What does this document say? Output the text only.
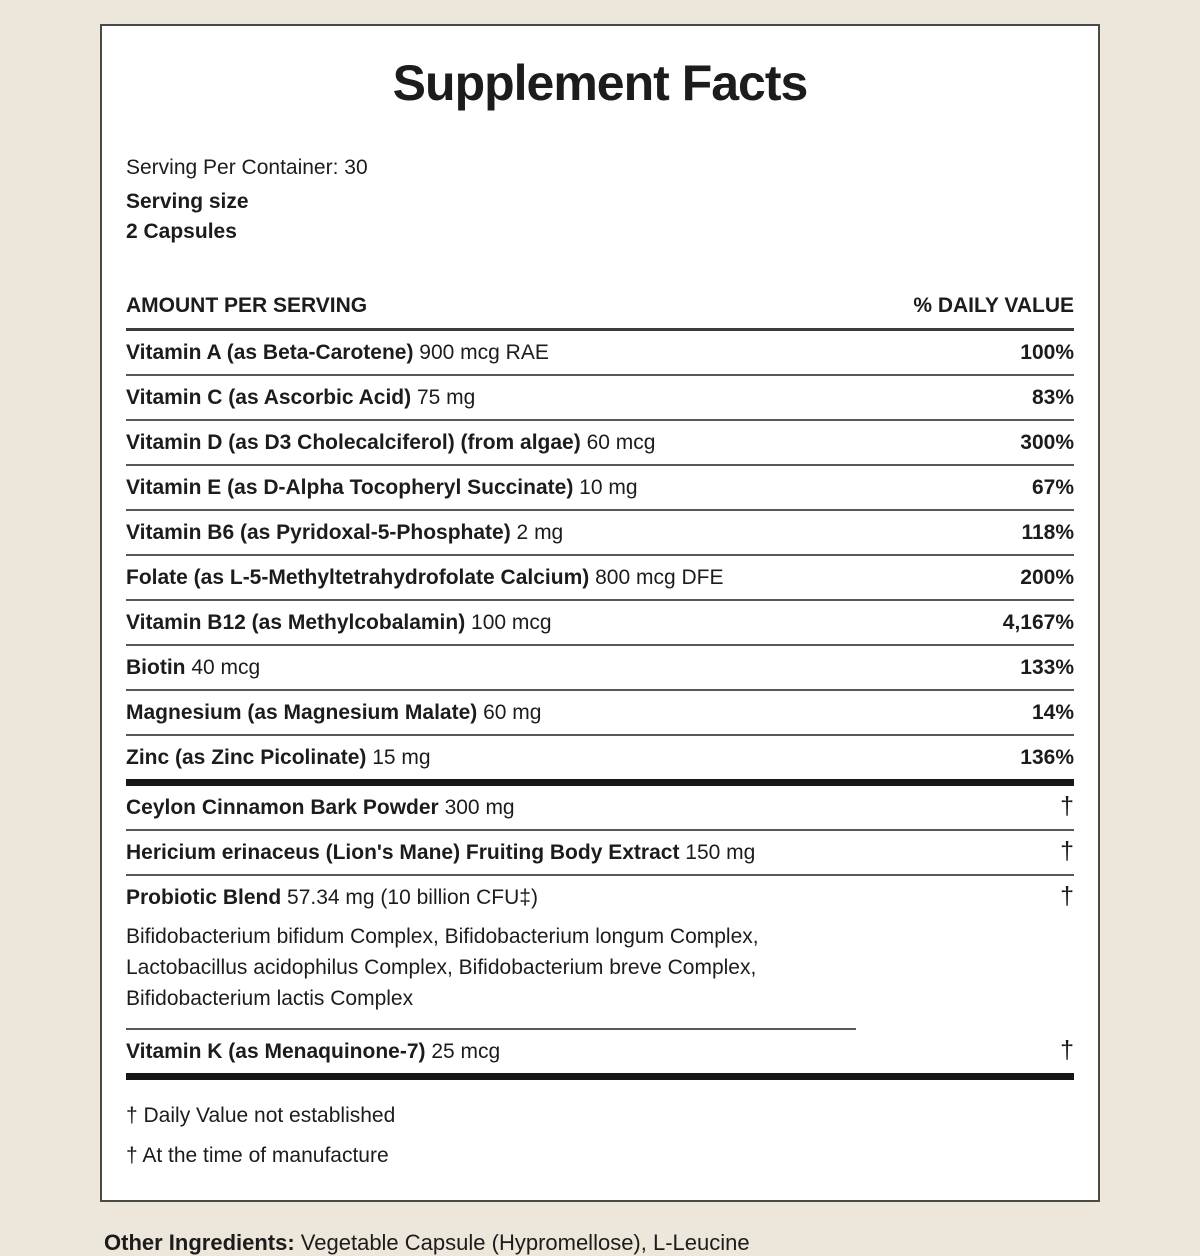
Supplement Facts
Serving Per Container: 30
Serving size
2 Capsules
AMOUNT PER SERVING	% DAILY VALUE
Vitamin A (as Beta-Carotene) 900 mcg RAE	100%
Vitamin C (as Ascorbic Acid) 75 mg	83%
Vitamin D (as D3 Cholecalciferol) (from algae) 60 mcg	300%
Vitamin E (as D-Alpha Tocopheryl Succinate) 10 mg	67%
Vitamin B6 (as Pyridoxal-5-Phosphate) 2 mg	118%
Folate (as L-5-Methyltetrahydrofolate Calcium) 800 mcg DFE	200%
Vitamin B12 (as Methylcobalamin) 100 mcg	4,167%
Biotin 40 mcg	133%
Magnesium (as Magnesium Malate) 60 mg	14%
Zinc (as Zinc Picolinate) 15 mg	136%
Ceylon Cinnamon Bark Powder 300 mg	†
Hericium erinaceus (Lion's Mane) Fruiting Body Extract 150 mg	†
Probiotic Blend 57.34 mg (10 billion CFU‡)	†
Bifidobacterium bifidum Complex, Bifidobacterium longum Complex, Lactobacillus acidophilus Complex, Bifidobacterium breve Complex, Bifidobacterium lactis Complex
Vitamin K (as Menaquinone-7) 25 mcg	†
† Daily Value not established
† At the time of manufacture
Other Ingredients: Vegetable Capsule (Hypromellose), L-Leucine
